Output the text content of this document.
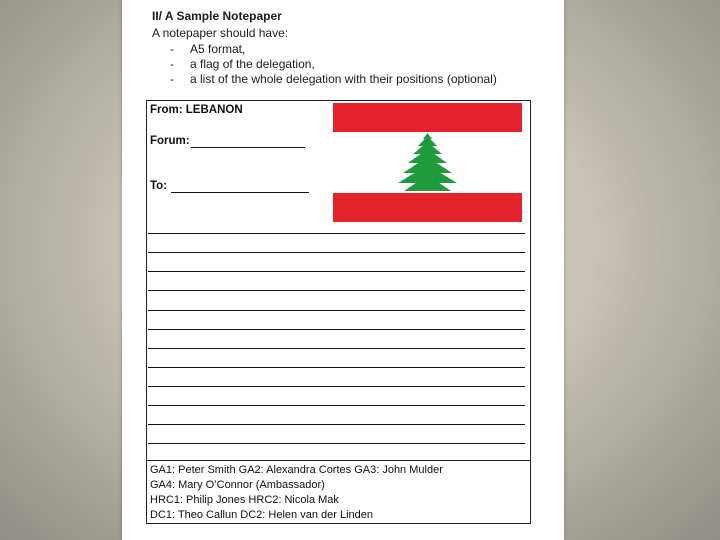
II/ A Sample Notepaper
A notepaper should have:
- A5 format,
- a flag of the delegation,
- a list of the whole delegation with their positions (optional)
From: LEBANON
Forum:
To:
GA1: Peter Smith GA2: Alexandra Cortes GA3: John Mulder
GA4: Mary O’Connor (Ambassador)
HRC1: Philip Jones HRC2: Nicola Mak
DC1: Theo Callun DC2: Helen van der Linden
